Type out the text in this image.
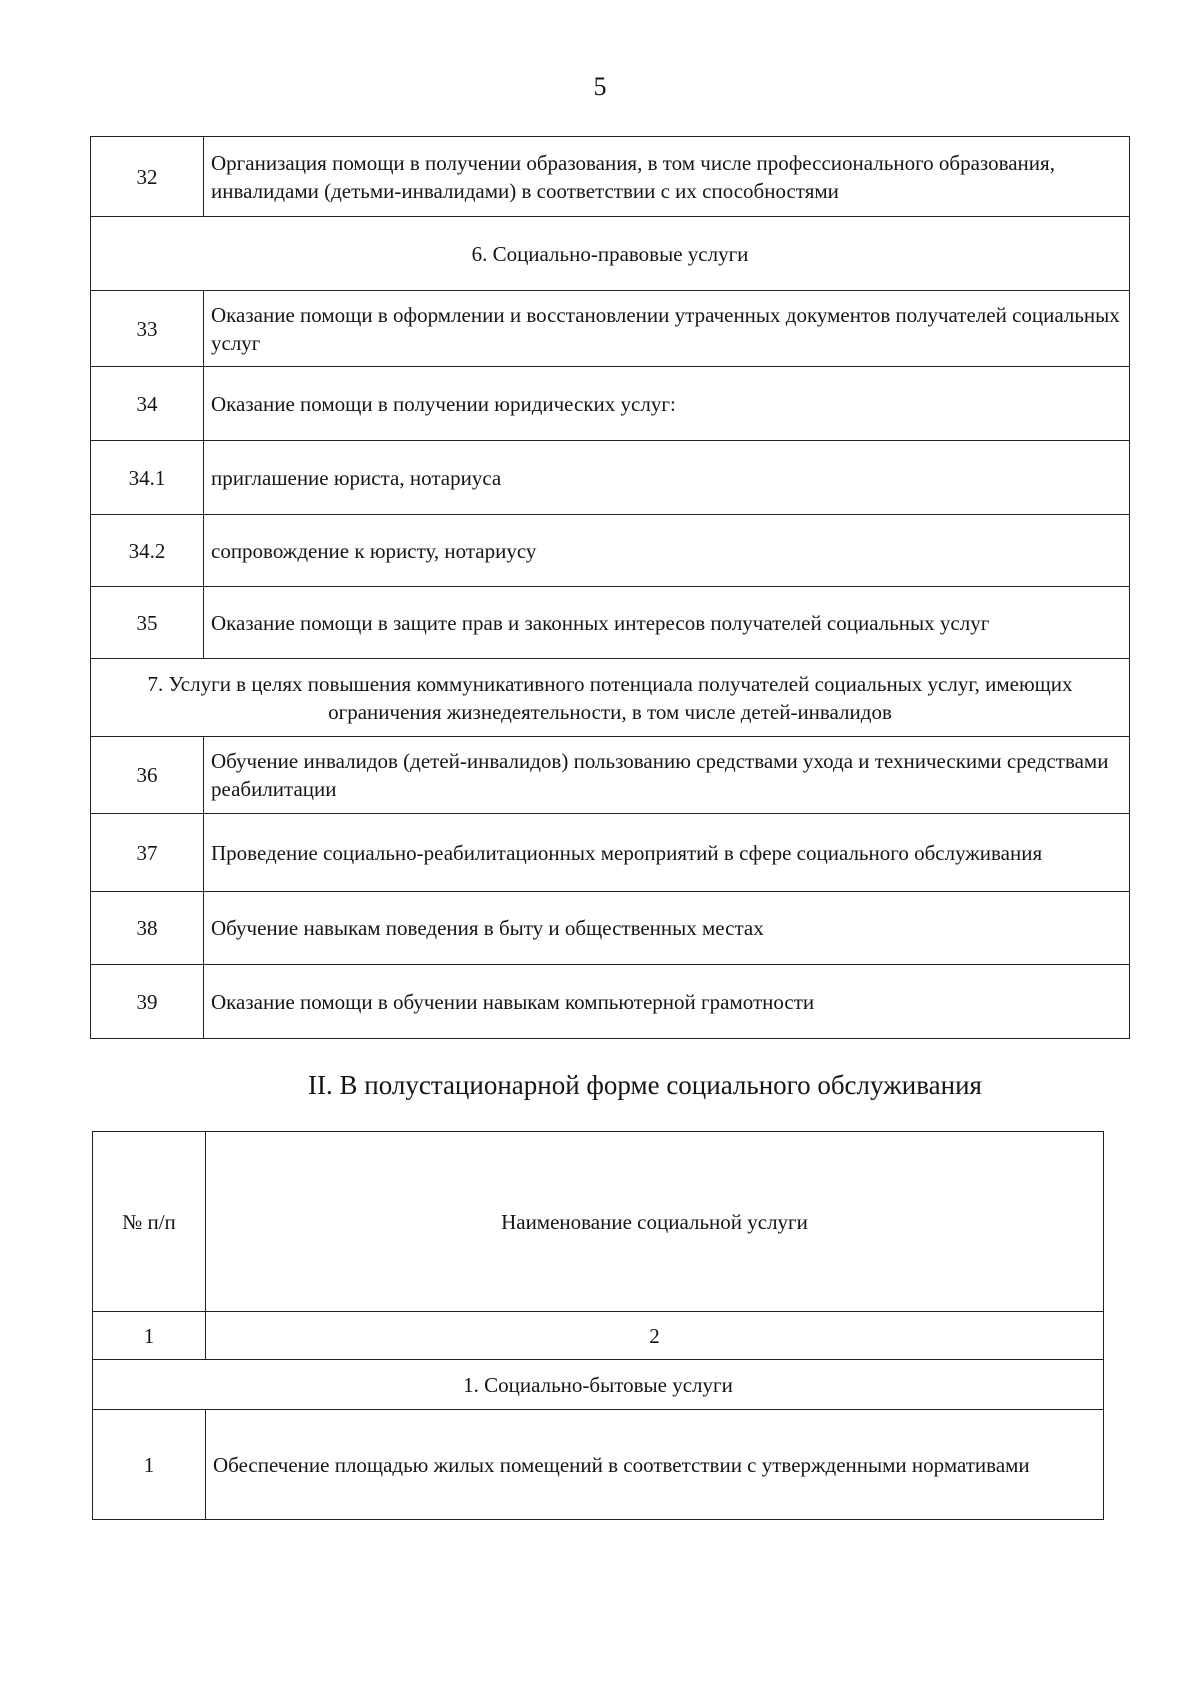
5
32	Организация помощи в получении образования, в том числе профессионального образования, инвалидами (детьми-инвалидами) в соответствии с их способностями
6. Социально-правовые услуги	
33	Оказание помощи в оформлении и восстановлении утраченных документов получателей социальных услуг
34	Оказание помощи в получении юридических услуг:
34.1	приглашение юриста, нотариуса
34.2	сопровождение к юристу, нотариусу
35	Оказание помощи в защите прав и законных интересов получателей социальных услуг
7. Услуги в целях повышения коммуникативного потенциала получателей социальных услуг, имеющих ограничения жизнедеятельности, в том числе детей-инвалидов	
36	Обучение инвалидов (детей-инвалидов) пользованию средствами ухода и техническими средствами реабилитации
37	Проведение социально-реабилитационных мероприятий в сфере социального обслуживания
38	Обучение навыкам поведения в быту и общественных местах
39	Оказание помощи в обучении навыкам компьютерной грамотности
II. В полустационарной форме социального обслуживания
№ п/п	Наименование социальной услуги
1	2
1. Социально-бытовые услуги	
1	Обеспечение площадью жилых помещений в соответствии с утвержденными нормативами
